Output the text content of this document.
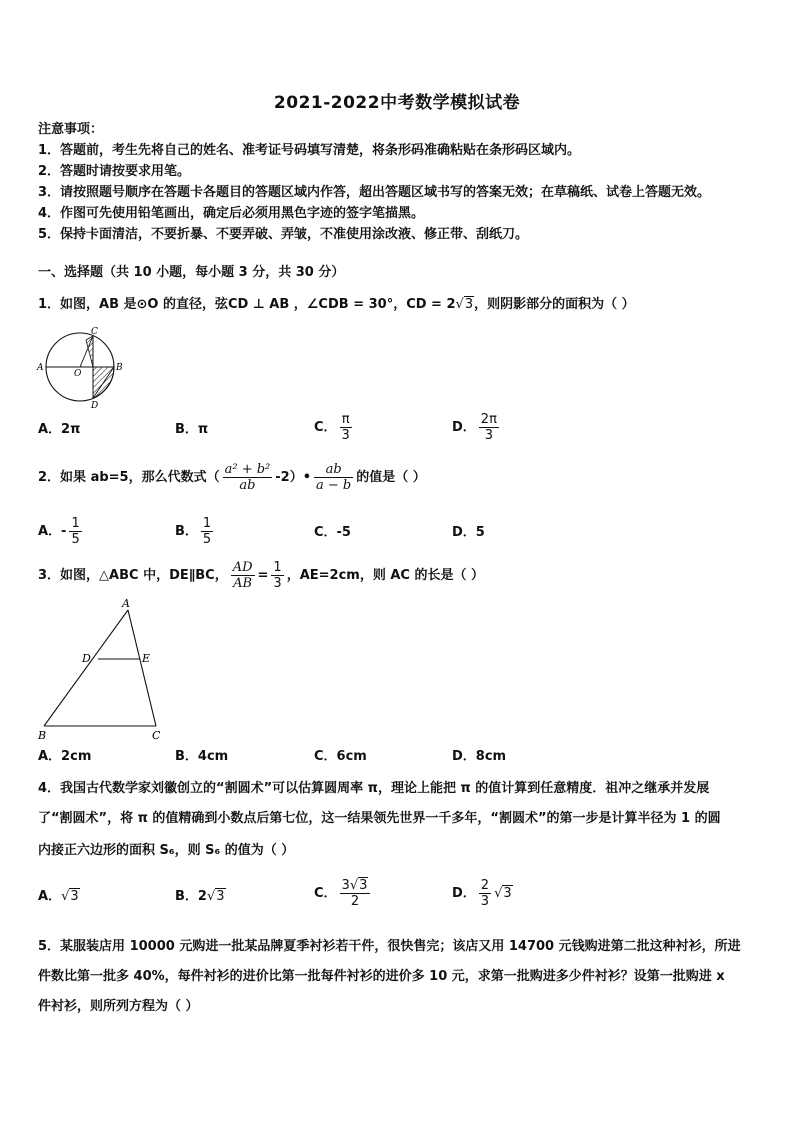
2021-2022中考数学模拟试卷
注意事项：
1．答题前，考生先将自己的姓名、准考证号码填写清楚，将条形码准确粘贴在条形码区域内。
2．答题时请按要求用笔。
3．请按照题号顺序在答题卡各题目的答题区域内作答，超出答题区域书写的答案无效；在草稿纸、试卷上答题无效。
4．作图可先使用铅笔画出，确定后必须用黑色字迹的签字笔描黑。
5．保持卡面清洁，不要折暴、不要弄破、弄皱，不准使用涂改液、修正带、刮纸刀。
一、选择题（共 10 小题，每小题 3 分，共 30 分）
1．如图，AB 是⊙O 的直径，弦CD ⊥ AB ，∠CDB = 30°，CD = 2√3，则阴影部分的面积为（ ）
C
A
O
B
D
A．2π	B．π	C． $\frac{\pi}{3}$	D． $\frac{2\pi}{3}$
2．如果 ab=5，那么代数式（ $\frac{\text{a² + b²}}{ab}$ -2）• $\frac{ab}{a - b}$ 的值是（ ）
A．- $\frac{1}{5}$	B． $\frac{1}{5}$	C．-5	D．5
3．如图，△ABC 中，DE∥BC， $\frac{AD}{AB} = \frac{1}{3}$ ，AE=2cm，则 AC 的长是（ ）
A
D	E
B	C
A．2cm	B．4cm	C．6cm	D．8cm
4．我国古代数学家刘徽创立的“割圆术”可以估算圆周率 π，理论上能把 π 的值计算到任意精度．祖冲之继承并发展
了“割圆术”，将 π 的值精确到小数点后第七位，这一结果领先世界一千多年，“割圆术”的第一步是计算半径为 1 的圆
内接正六边形的面积 S₆，则 S₆ 的值为（ ）
A．√3	B．2√3	C． $\frac{3√3}{2}$	D． $\frac{2}{3} √3$
5．某服装店用 10000 元购进一批某品牌夏季衬衫若干件，很快售完；该店又用 14700 元钱购进第二批这种衬衫，所进
件数比第一批多 40%，每件衬衫的进价比第一批每件衬衫的进价多 10 元，求第一批购进多少件衬衫？设第一批购进 x
件衬衫，则所列方程为（ ）
